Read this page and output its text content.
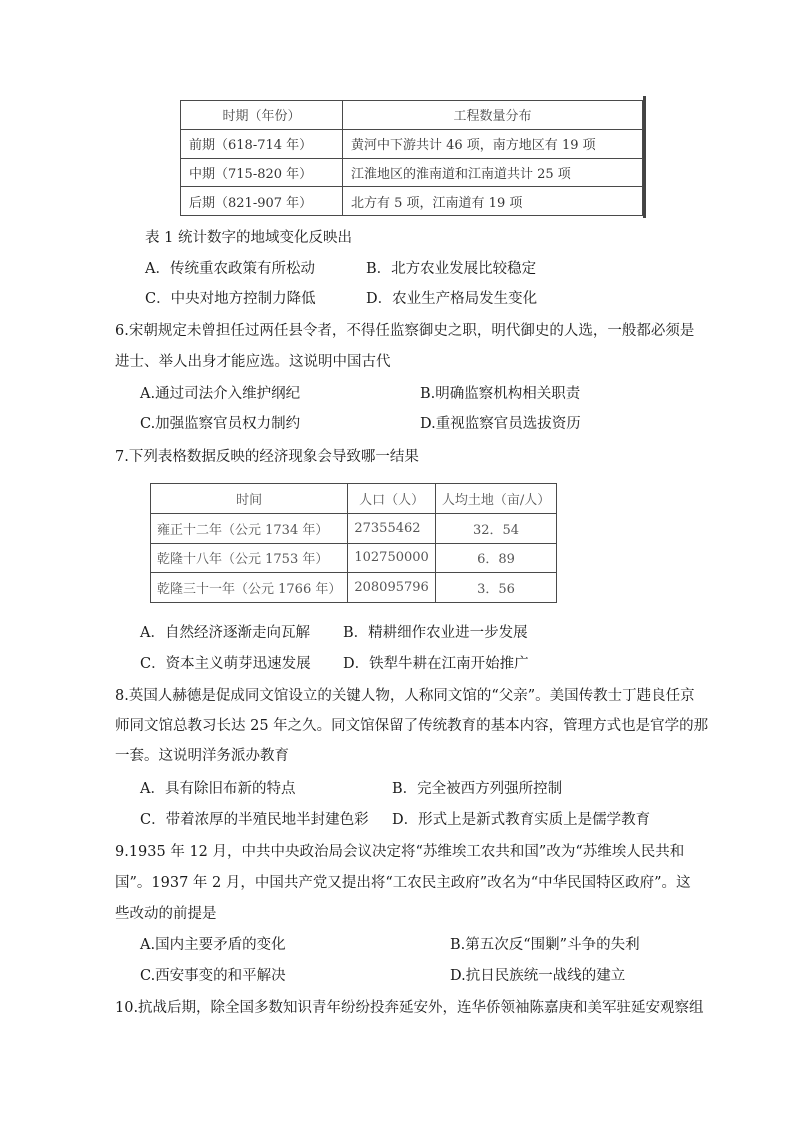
时期（年份）	工程数量分布
前期（618-714 年）	黄河中下游共计 46 项，南方地区有 19 项
中期（715-820 年）	江淮地区的淮南道和江南道共计 25 项
后期（821-907 年）	北方有 5 项，江南道有 19 项
表 1 统计数字的地域变化反映出
A．传统重农政策有所松动	B．北方农业发展比较稳定
C．中央对地方控制力降低	D．农业生产格局发生变化
6.宋朝规定未曾担任过两任县令者，不得任监察御史之职，明代御史的人选，一般都必须是
进士、举人出身才能应选。这说明中国古代
A.通过司法介入维护纲纪	B.明确监察机构相关职责
C.加强监察官员权力制约	D.重视监察官员选拔资历
7.下列表格数据反映的经济现象会导致哪一结果
时间	人口（人）	人均土地（亩/人）
雍正十二年（公元 1734 年）	27355462	32．54
乾隆十八年（公元 1753 年）	102750000	6．89
乾隆三十一年（公元 1766 年）	208095796	3．56
A．自然经济逐渐走向瓦解 B．精耕细作农业进一步发展
C．资本主义萌芽迅速发展 D．铁犁牛耕在江南开始推广
8.英国人赫德是促成同文馆设立的关键人物，人称同文馆的“父亲”。美国传教士丁韪良任京
师同文馆总教习长达 25 年之久。同文馆保留了传统教育的基本内容，管理方式也是官学的那
一套。这说明洋务派办教育
A．具有除旧布新的特点	B．完全被西方列强所控制
C．带着浓厚的半殖民地半封建色彩 D．形式上是新式教育实质上是儒学教育
9.1935 年 12 月，中共中央政治局会议决定将“苏维埃工农共和国”改为“苏维埃人民共和
国”。1937 年 2 月，中国共产党又提出将“工农民主政府”改名为“中华民国特区政府”。这
些改动的前提是
A.国内主要矛盾的变化	B.第五次反“围剿”斗争的失利
C.西安事变的和平解决	D.抗日民族统一战线的建立
10.抗战后期，除全国多数知识青年纷纷投奔延安外，连华侨领袖陈嘉庚和美军驻延安观察组
